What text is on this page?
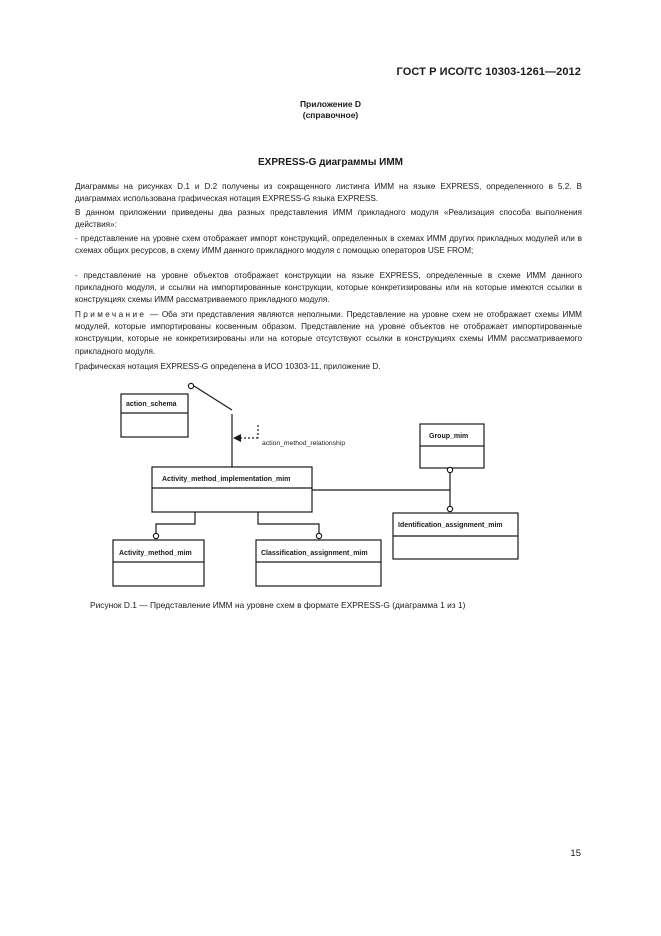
ГОСТ Р ИСО/ТС 10303-1261—2012
Приложение D
(справочное)
EXPRESS-G диаграммы ИММ

Диаграммы на рисунках D.1 и D.2 получены из сокращенного листинга ИММ на языке EXPRESS, определенного в 5.2. В диаграммах использована графическая нотация EXPRESS-G языка EXPRESS.

В данном приложении приведены два разных представления ИММ прикладного модуля «Реализация способа выполнения действия»:

- представление на уровне схем отображает импорт конструкций, определенных в схемах ИММ других прикладных модулей или в схемах общих ресурсов, в схему ИММ данного прикладного модуля с помощью операторов USE FROM;

- представление на уровне объектов отображает конструкции на языке EXPRESS, определенные в схеме ИММ данного прикладного модуля, и ссылки на импортированные конструкции, которые конкретизированы или на которые имеются ссылки в конструкциях схемы ИММ рассматриваемого прикладного модуля.

Примечание — Оба эти представления являются неполными. Представление на уровне схем не отображает схемы ИММ модулей, которые импортированы косвенным образом. Представление на уровне объектов не отображает импортированные конструкции, которые не конкретизированы или на которые отсутствуют ссылки в конструкциях схемы ИММ рассматриваемого прикладного модуля.

Графическая нотация EXPRESS-G определена в ИСО 10303-11, приложение D.

action_schema
Activity_method_implementation_mim
Group_mim
Activity_method_mim	Classification_assignment_mim
Identification_assignment_mim
action_method_relationship
Рисунок D.1 — Представление ИММ на уровне схем в формате EXPRESS-G (диаграмма 1 из 1)
15
